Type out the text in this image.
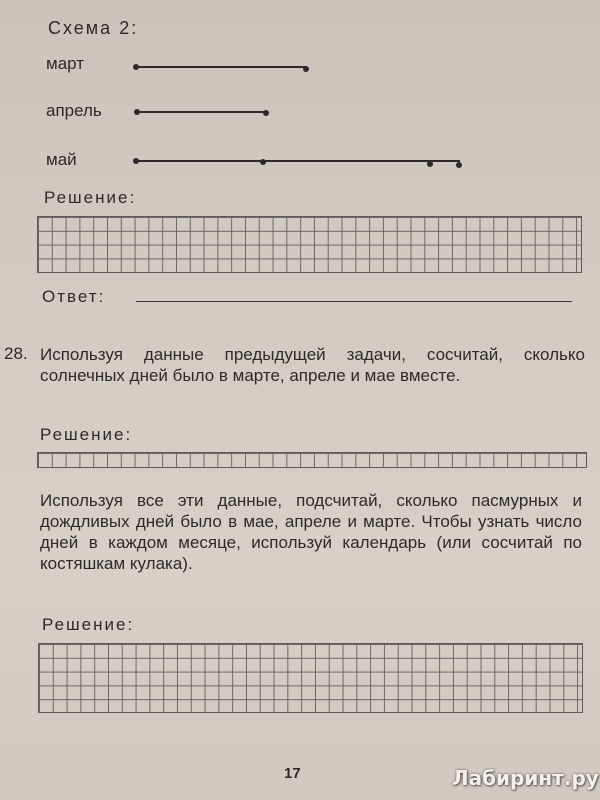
Схема 2:
март
апрель
май
Решение:
Ответ:
28. Используя данные предыдущей задачи, сосчитай, сколько солнечных дней было в марте, апреле и мае вместе.
Решение:
Используя все эти данные, подсчитай, сколько пасмурных и дождливых дней было в мае, апреле и марте. Чтобы узнать число дней в каждом месяце, используй календарь (или сосчитай по костяшкам кулака).
Решение:
17	Лабиринт.ру
